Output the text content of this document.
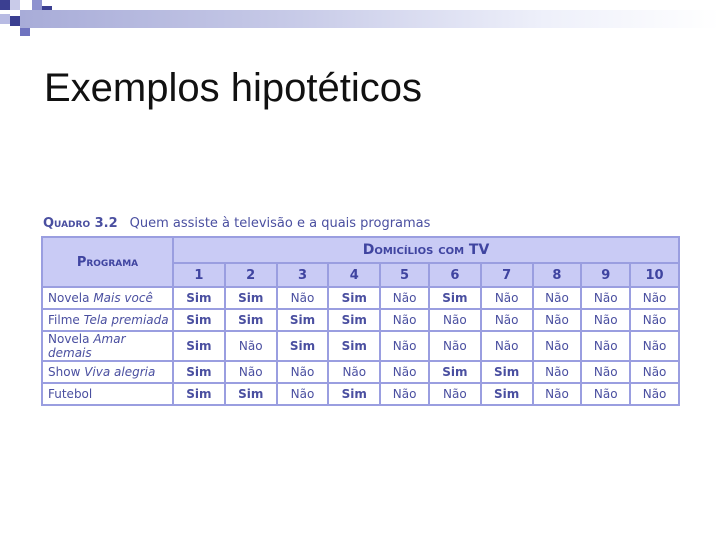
Exemplos hipotéticos
Quadro 3.2 Quem assiste à televisão e a quais programas
Programa	Domicílios com TV									
	1	2	3	4	5	6	7	8	9	10
Novela Mais você	Sim	Sim	Não	Sim	Não	Sim	Não	Não	Não	Não
Filme Tela premiada	Sim	Sim	Sim	Sim	Não	Não	Não	Não	Não	Não
Novela Amar demais	Sim	Não	Sim	Sim	Não	Não	Não	Não	Não	Não
Show Viva alegria	Sim	Não	Não	Não	Não	Sim	Sim	Não	Não	Não
Futebol	Sim	Sim	Não	Sim	Não	Não	Sim	Não	Não	Não
